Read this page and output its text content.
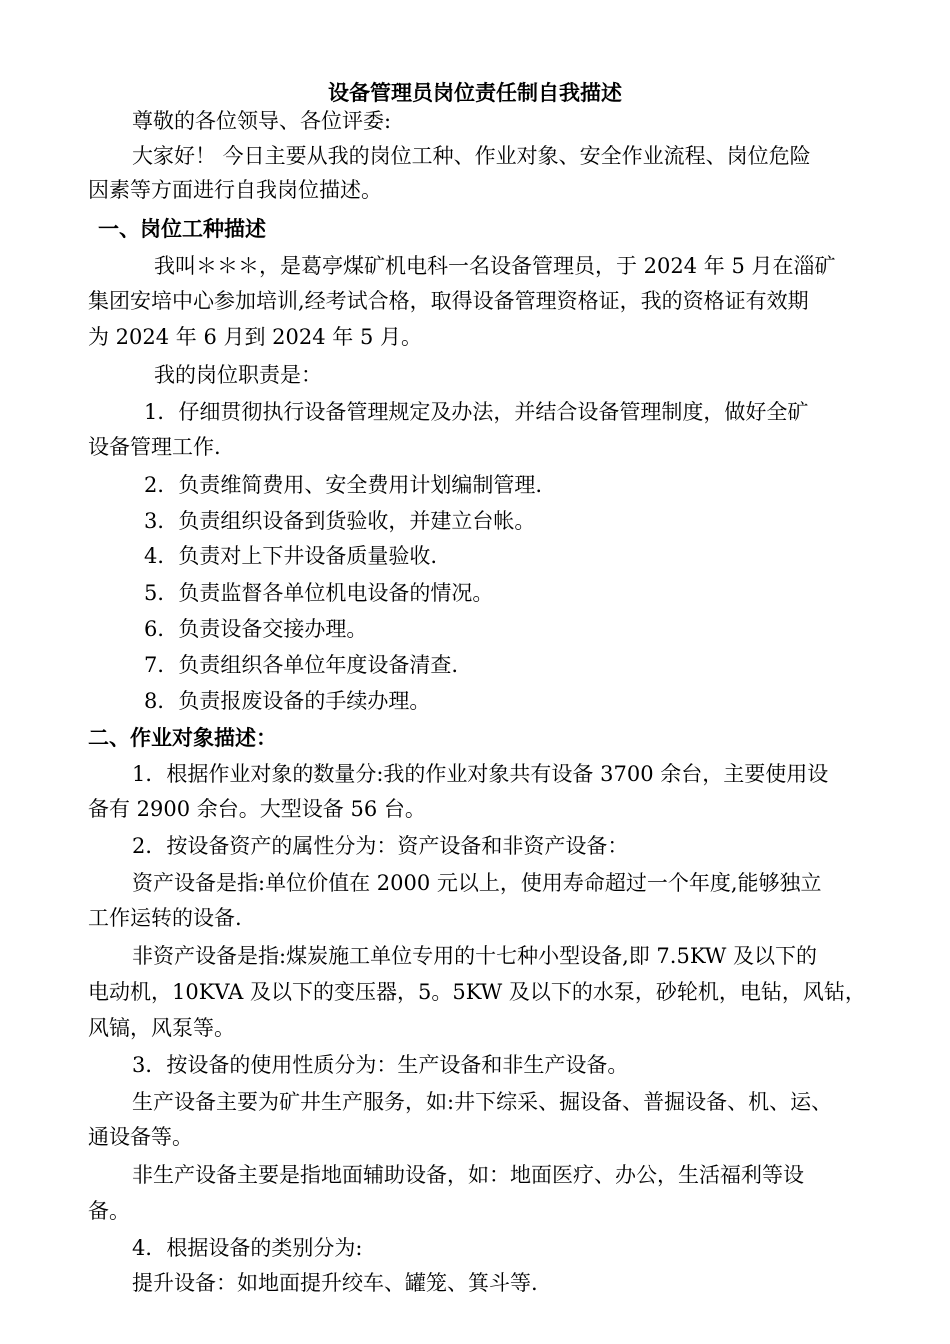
设备管理员岗位责任制自我描述
尊敬的各位领导、各位评委:
大家好！ 今日主要从我的岗位工种、作业对象、安全作业流程、岗位危险
因素等方面进行自我岗位描述。
一、岗位工种描述
我叫＊＊＊，是葛亭煤矿机电科一名设备管理员，于 2024 年 5 月在淄矿
集团安培中心参加培训,经考试合格，取得设备管理资格证，我的资格证有效期
为 2024 年 6 月到 2024 年 5 月。
我的岗位职责是：
1．仔细贯彻执行设备管理规定及办法，并结合设备管理制度，做好全矿
设备管理工作.
2．负责维简费用、安全费用计划编制管理.
3．负责组织设备到货验收，并建立台帐。
4．负责对上下井设备质量验收.
5．负责监督各单位机电设备的情况。
6．负责设备交接办理。
7．负责组织各单位年度设备清查.
8．负责报废设备的手续办理。
二、作业对象描述：
1．根据作业对象的数量分:我的作业对象共有设备 3700 余台，主要使用设
备有 2900 余台。大型设备 56 台。
2．按设备资产的属性分为：资产设备和非资产设备：
资产设备是指:单位价值在 2000 元以上，使用寿命超过一个年度,能够独立
工作运转的设备.
非资产设备是指:煤炭施工单位专用的十七种小型设备,即 7.5KW 及以下的
电动机，10KVA 及以下的变压器，5。5KW 及以下的水泵，砂轮机，电钻，风钻，
风镐，风泵等。
3．按设备的使用性质分为：生产设备和非生产设备。
生产设备主要为矿井生产服务，如:井下综采、掘设备、普掘设备、机、运、
通设备等。
非生产设备主要是指地面辅助设备，如：地面医疗、办公，生活福利等设
备。
4．根据设备的类别分为:
提升设备：如地面提升绞车、罐笼、箕斗等.
